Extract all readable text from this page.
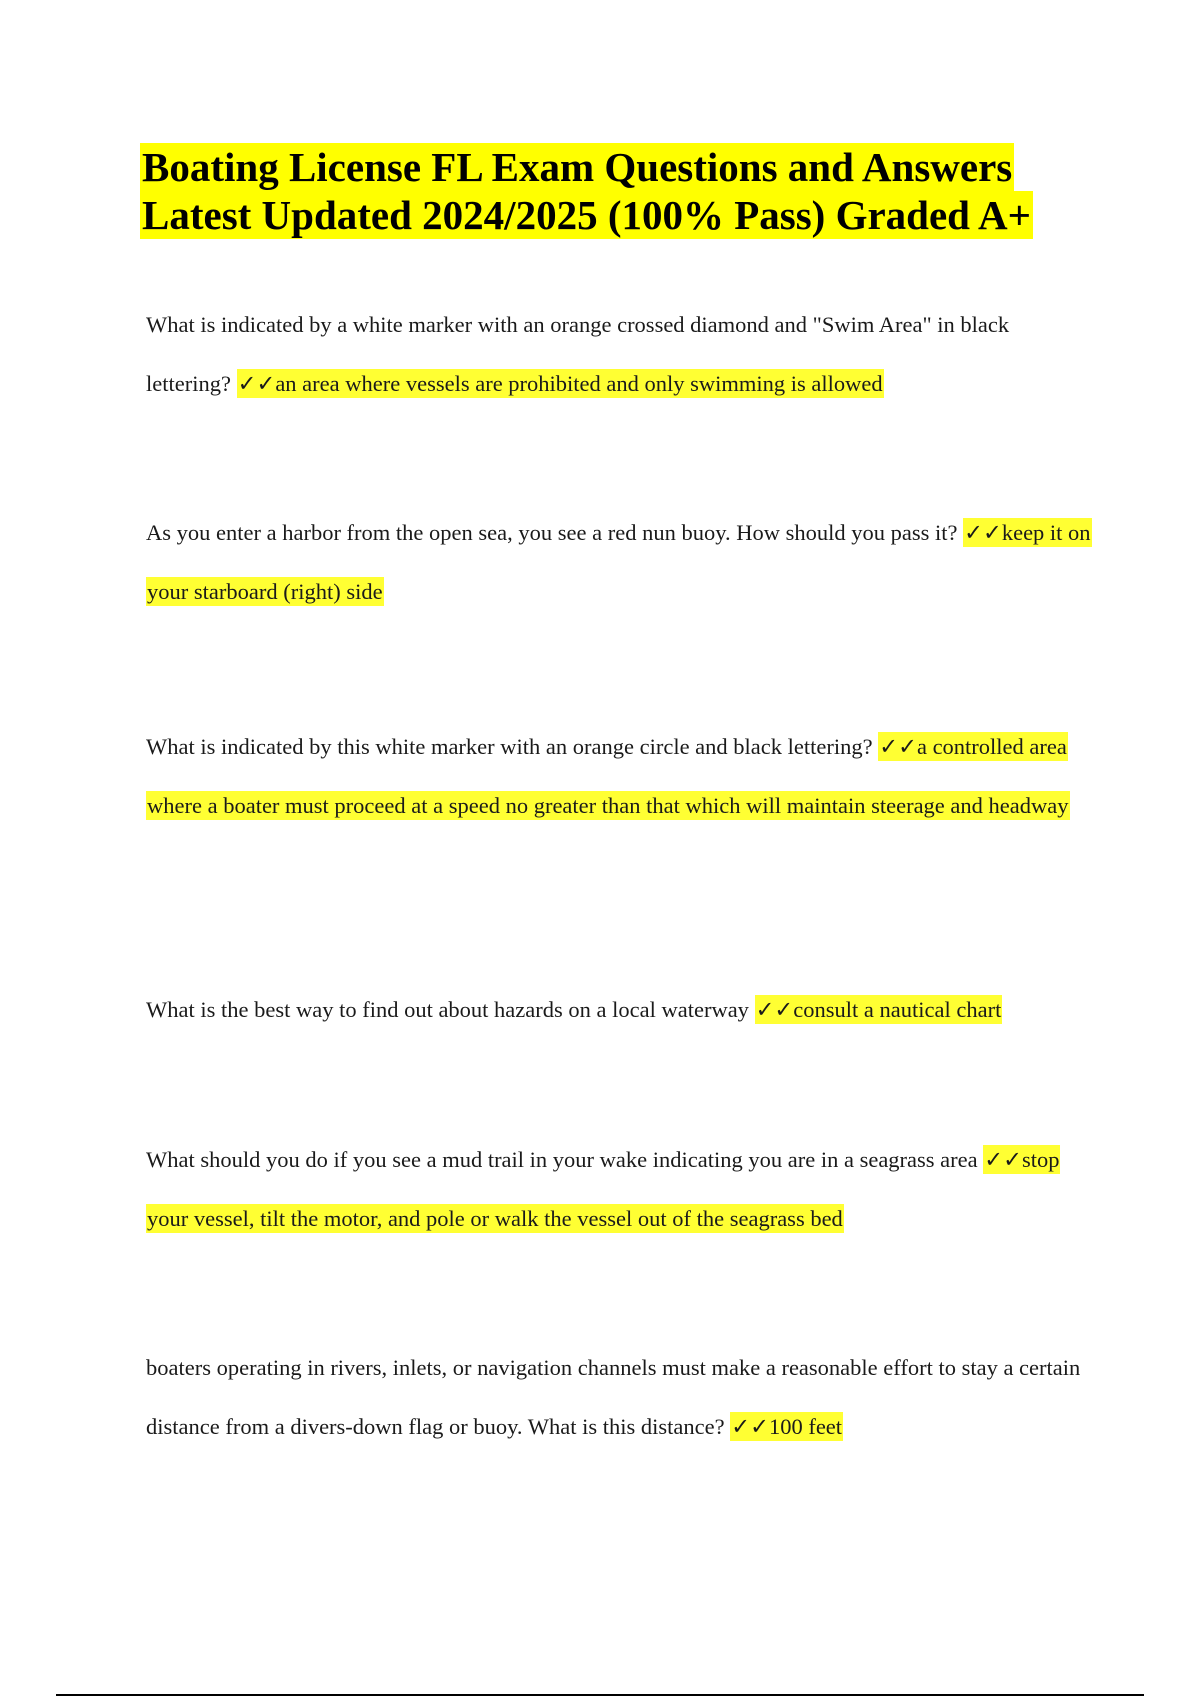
Boating License FL Exam Questions and Answers
Latest Updated 2024/2025 (100% Pass) Graded A+

What is indicated by a white marker with an orange crossed diamond and "Swim Area" in black lettering? ✓✓an area where vessels are prohibited and only swimming is allowed

As you enter a harbor from the open sea, you see a red nun buoy. How should you pass it? ✓✓keep it on your starboard (right) side

What is indicated by this white marker with an orange circle and black lettering? ✓✓a controlled area where a boater must proceed at a speed no greater than that which will maintain steerage and headway

What is the best way to find out about hazards on a local waterway ✓✓consult a nautical chart

What should you do if you see a mud trail in your wake indicating you are in a seagrass area ✓✓stop your vessel, tilt the motor, and pole or walk the vessel out of the seagrass bed

boaters operating in rivers, inlets, or navigation channels must make a reasonable effort to stay a certain distance from a divers-down flag or buoy. What is this distance? ✓✓100 feet
